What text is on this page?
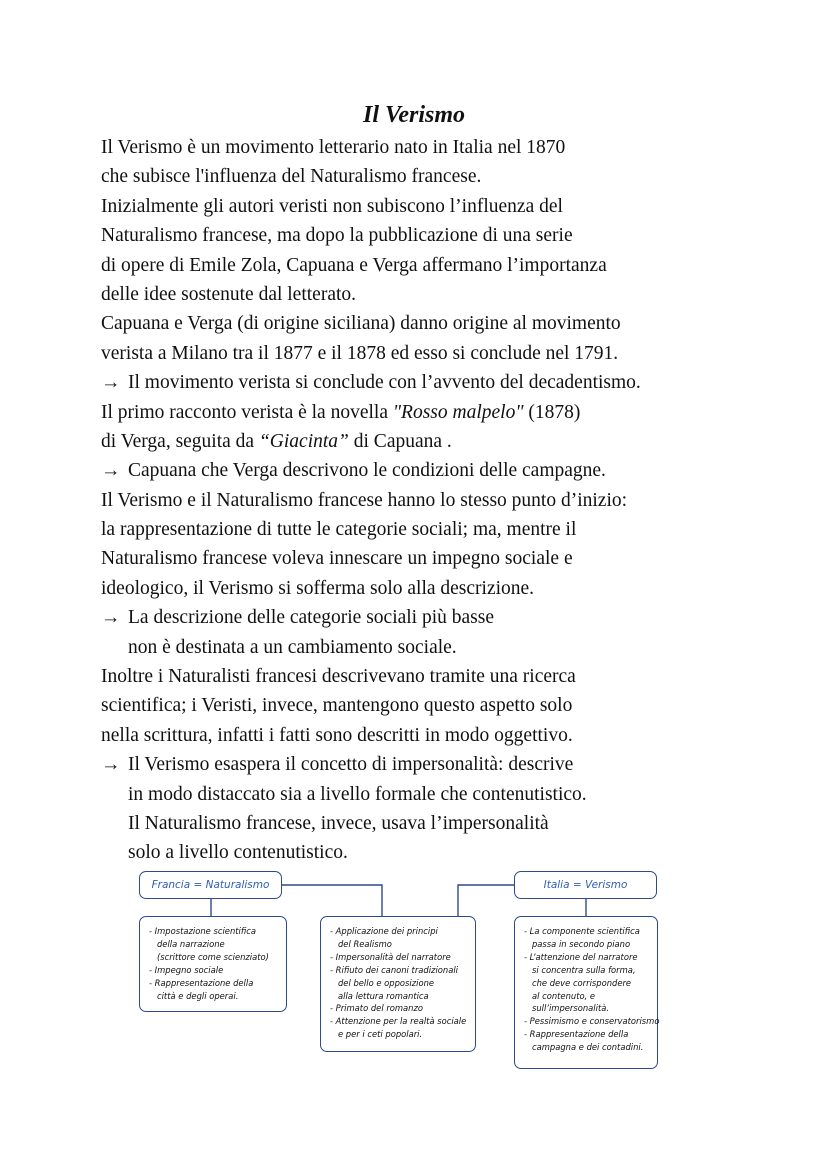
Il Verismo
Il Verismo è un movimento letterario nato in Italia nel 1870
che subisce l'influenza del Naturalismo francese.
Inizialmente gli autori veristi non subiscono l’influenza del
Naturalismo francese, ma dopo la pubblicazione di una serie
di opere di Emile Zola, Capuana e Verga affermano l’importanza
delle idee sostenute dal letterato.
Capuana e Verga (di origine siciliana) danno origine al movimento
verista a Milano tra il 1877 e il 1878 ed esso si conclude nel 1791.
→ Il movimento verista si conclude con l’avvento del decadentismo.
Il primo racconto verista è la novella "Rosso malpelo" (1878)
di Verga, seguita da “Giacinta” di Capuana .
→ Capuana che Verga descrivono le condizioni delle campagne.
Il Verismo e il Naturalismo francese hanno lo stesso punto d’inizio:
la rappresentazione di tutte le categorie sociali; ma, mentre il
Naturalismo francese voleva innescare un impegno sociale e
ideologico, il Verismo si sofferma solo alla descrizione.
→ La descrizione delle categorie sociali più basse
non è destinata a un cambiamento sociale.
Inoltre i Naturalisti francesi descrivevano tramite una ricerca
scientifica; i Veristi, invece, mantengono questo aspetto solo
nella scrittura, infatti i fatti sono descritti in modo oggettivo.
→ Il Verismo esaspera il concetto di impersonalità: descrive
in modo distaccato sia a livello formale che contenutistico.
Il Naturalismo francese, invece, usava l’impersonalità
solo a livello contenutistico.
Francia = Naturalismo	Italia = Verismo
- Impostazione scientifica
della narrazione
(scrittore come scienziato)
- Impegno sociale
- Rappresentazione della
città e degli operai.
- Applicazione dei principi
del Realismo
- Impersonalità del narratore
- Rifiuto dei canoni tradizionali
del bello e opposizione
alla lettura romantica
- Primato del romanzo
- Attenzione per la realtà sociale
e per i ceti popolari.
- La componente scientifica
passa in secondo piano
- L’attenzione del narratore
si concentra sulla forma,
che deve corrispondere
al contenuto, e
sull’impersonalità.
- Pessimismo e conservatorismo
- Rappresentazione della
campagna e dei contadini.
